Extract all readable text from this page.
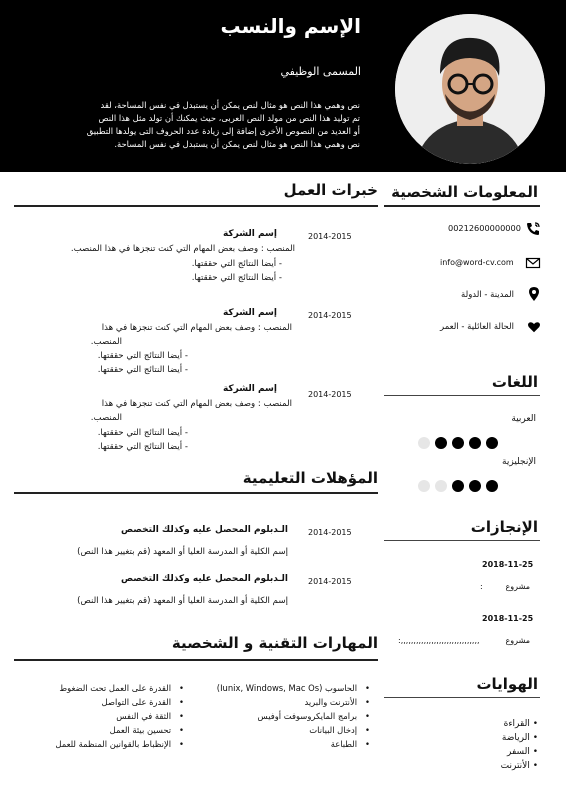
الإسم والنسب
المسمى الوظيفي
نص وهمي هذا النص هو مثال لنص يمكن أن يستبدل في نفس المساحة، لقد
تم توليد هذا النص من مولد النص العربى، حيث يمكنك أن تولد مثل هذا النص
أو العديد من النصوص الأخرى إضافة إلى زيادة عدد الحروف التى يولدها التطبيق
نص وهمي هذا النص هو مثال لنص يمكن أن يستبدل في نفس المساحة.
المعلومات الشخصية
00212600000000
info@word-cv.com
المدينة - الدولة
الحالة العائلية - العمر
اللغات
العربية
الإنجليزية
الإنجازات
2018-11-25
مشروع
:
2018-11-25
مشروع
:,,,,,,,,,,,,,,,,,,,,,,,,,,,,,,,
الهوايات
• القراءة
• الرياضة
• السفر
• الأنترنت
خبرات العمل
2014-2015
إسم الشركة
المنصب : وصف بعض المهام التي كنت تنجزها في هذا المنصب.
- أيضا النتائج التي حققتها.
- أيضا النتائج التي حققتها.
2014-2015
إسم الشركة
المنصب : وصف بعض المهام التي كنت تنجزها في هذا
المنصب.
- أيضا النتائج التي حققتها.
- أيضا النتائج التي حققتها.
2014-2015
إسم الشركة
المنصب : وصف بعض المهام التي كنت تنجزها في هذا
المنصب.
- أيضا النتائج التي حققتها.
- أيضا النتائج التي حققتها.
المؤهلات التعليمية
2014-2015
الـدبلوم المحصل عليه وكذلك التخصص
إسم الكلية أو المدرسة العليا أو المعهد (قم بتغيير هذا النص)
2014-2015
الـدبلوم المحصل عليه وكذلك التخصص
إسم الكلية أو المدرسة العليا أو المعهد (قم بتغيير هذا النص)
المهارات التقنية و الشخصية
•   الحاسوب (Iunix, Windows, Mac Os)
•   الأنترنت والبريد
•   برامج المايكروسوفت أوفيس
•   إدخال البيانات
•   الطباعة
•   القدرة على العمل تحت الضغوط
•   القدرة على التواصل
•   الثقة في النفس
•   تحسين بيئة العمل
•   الإنظباط بالقوانين المنظمة للعمل
